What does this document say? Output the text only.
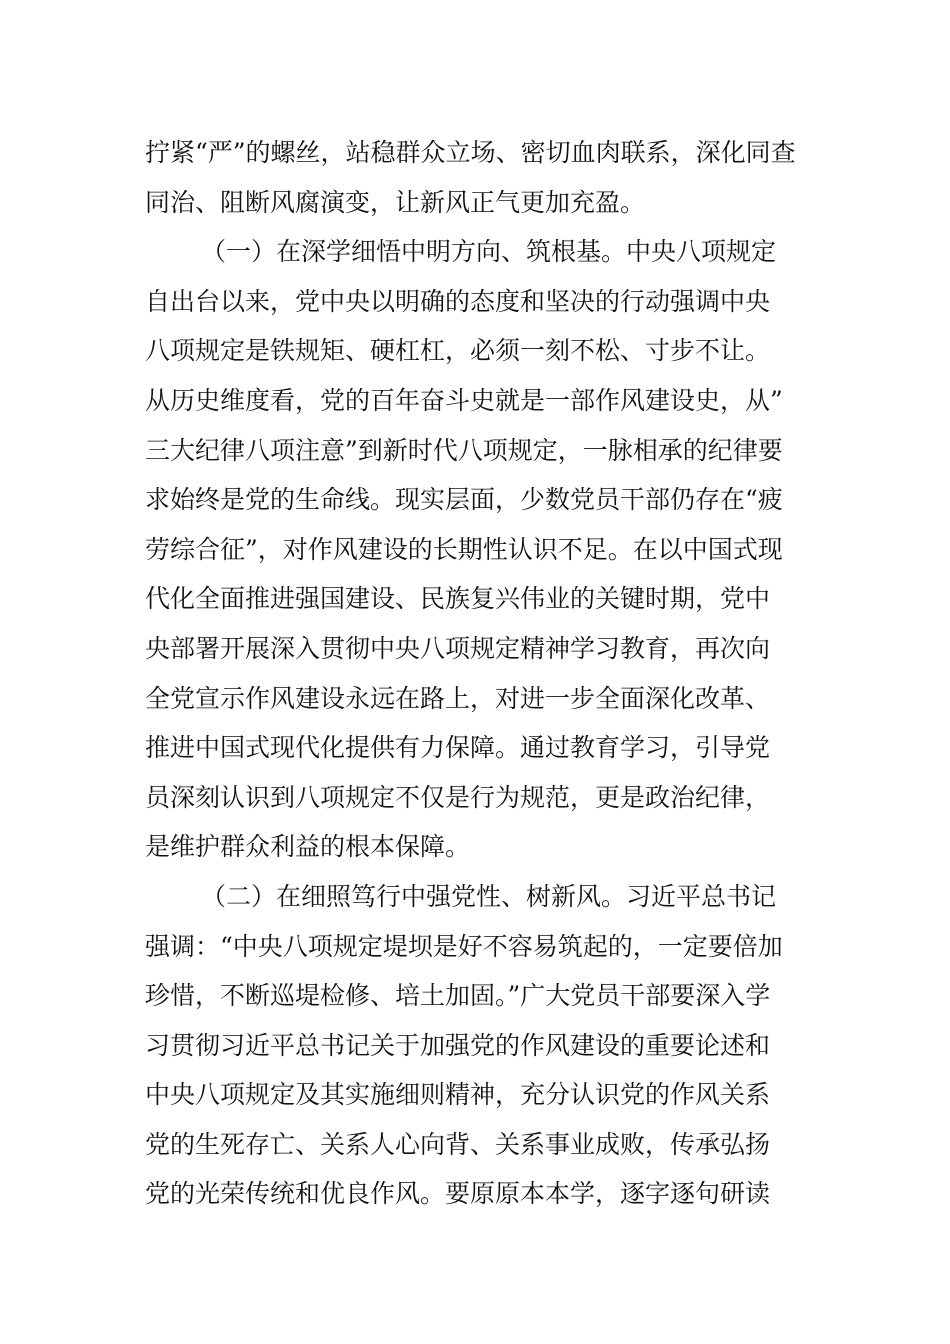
拧紧“严”的螺丝，站稳群众立场、密切血肉联系，深化同查
同治、阻断风腐演变，让新风正气更加充盈。
（一）在深学细悟中明方向、筑根基。中央八项规定
自出台以来，党中央以明确的态度和坚决的行动强调中央
八项规定是铁规矩、硬杠杠，必须一刻不松、寸步不让。
从历史维度看，党的百年奋斗史就是一部作风建设史，从”
三大纪律八项注意”到新时代八项规定，一脉相承的纪律要
求始终是党的生命线。现实层面，少数党员干部仍存在“疲
劳综合征”，对作风建设的长期性认识不足。在以中国式现
代化全面推进强国建设、民族复兴伟业的关键时期，党中
央部署开展深入贯彻中央八项规定精神学习教育，再次向
全党宣示作风建设永远在路上，对进一步全面深化改革、
推进中国式现代化提供有力保障。通过教育学习，引导党
员深刻认识到八项规定不仅是行为规范，更是政治纪律，
是维护群众利益的根本保障。
（二）在细照笃行中强党性、树新风。习近平总书记
强调：“中央八项规定堤坝是好不容易筑起的，一定要倍加
珍惜，不断巡堤检修、培土加固。”广大党员干部要深入学
习贯彻习近平总书记关于加强党的作风建设的重要论述和
中央八项规定及其实施细则精神，充分认识党的作风关系
党的生死存亡、关系人心向背、关系事业成败，传承弘扬
党的光荣传统和优良作风。要原原本本学，逐字逐句研读
